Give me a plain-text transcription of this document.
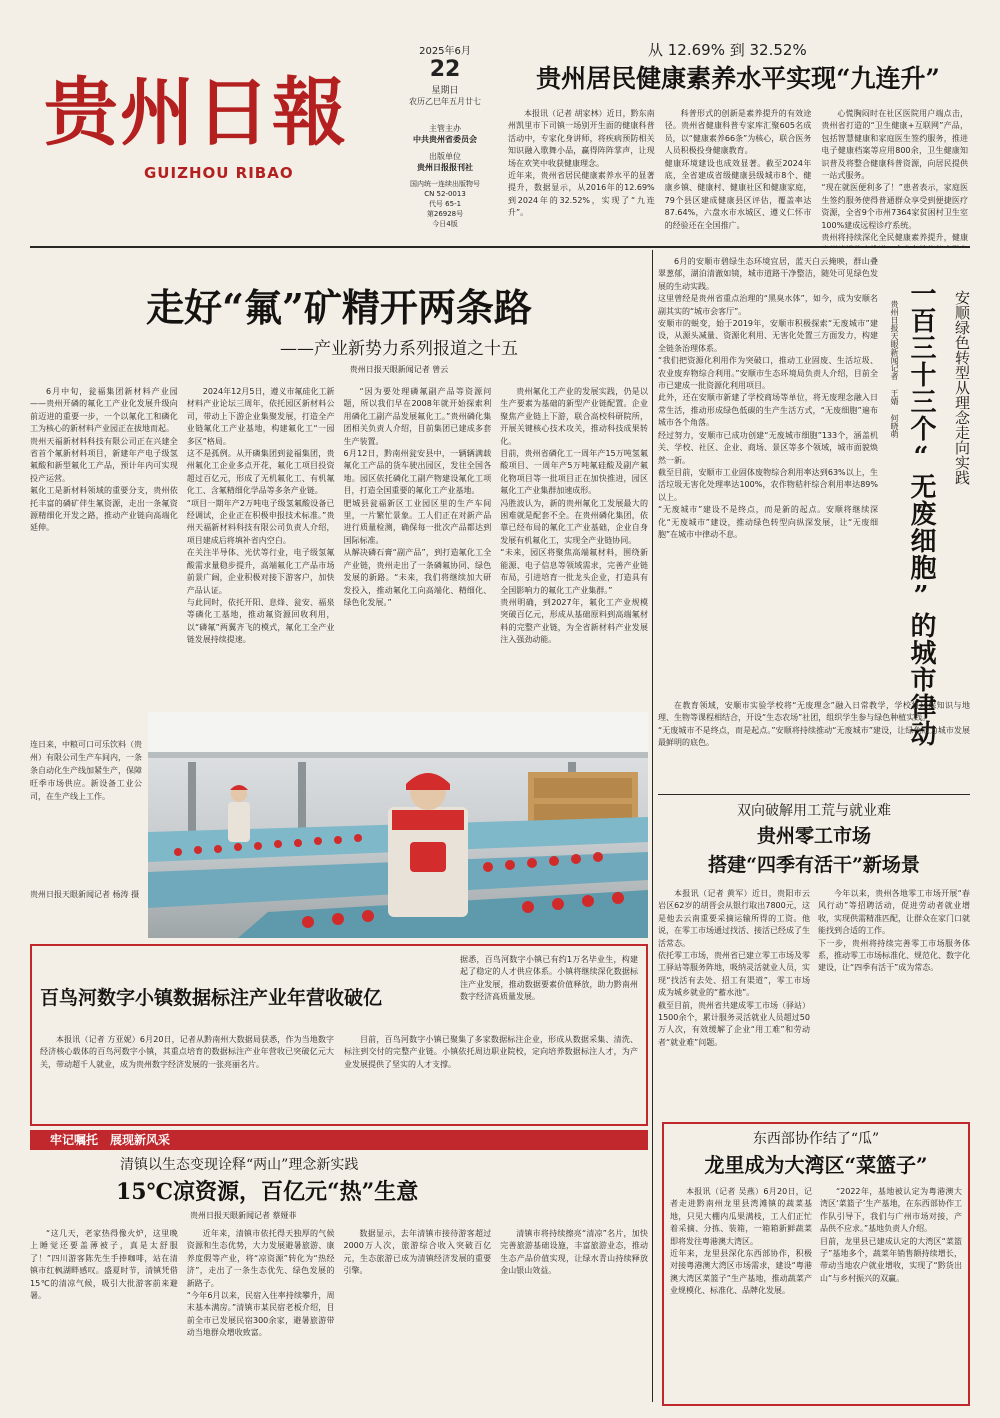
贵州日報
GUIZHOU RIBAO
2025年6月
22
星期日
农历乙巳年五月廿七
主管主办
中共贵州省委员会
出版单位
贵州日报报刊社
国内统一连续出版物号
CN 52-0013
代号 65-1
第26928号
今日4版
从 12.69% 到 32.52%
贵州居民健康素养水平实现“九连升”
本报讯（记者 胡家林）近日，黔东南州凯里市下司镇一场别开生面的健康科普活动中，专家化身讲师，将疾病预防相关知识融入歌舞小品，赢得阵阵掌声，让现场在欢笑中收获健康理念。
近年来，贵州省居民健康素养水平的显著提升，数据显示，从2016年的12.69%到2024年的32.52%，实现了“九连升”。
科普形式的创新是素养提升的有效途径。贵州省健康科普专家库汇聚605名成员，以“健康素养66条”为核心，联合医务人员积极投身健康教育。
健康环境建设也成效显著。截至2024年底，全省建成省级健康县级城市8个、健康乡镇、健康村、健康社区和健康家庭，79个县区建成健康县区评估，覆盖率达87.64%，六盘水市水城区、遵义仁怀市的经验还在全国推广。
心慌胸闷时在社区医院用户端点击，贵州省打造的“卫生健康+互联网”产品，包括智慧健康和家庭医生签约服务，推进电子健康档案等应用800余，卫生健康知识普及将整合健康科普资源，向居民提供一站式服务。
“现在就医便利多了！”患者表示，家庭医生签约服务使得普通群众享受到便捷医疗资源，全省9个市州7364家贫困村卫生室100%建成远程诊疗系统。
贵州将持续深化全民健康素养提升，健康
走好“氟”矿精开两条路
——产业新势力系列报道之十五
贵州日报天眼新闻记者 曾云
6月中旬，瓮福集团新材料产业园——贵州开磷的氟化工产业化发展升级向前迈进的重要一步，一个以氟化工和磷化工为核心的新材料产业园正在拔地而起。
贵州天福新材料科技有限公司正在兴建全省首个氟新材料项目，新建年产电子级氢氟酸和新型氟化工产品，预计年内可实现投产运营。
氟化工是新材料领域的重要分支，贵州依托丰富的磷矿伴生氟资源，走出一条氟资源精细化开发之路，推动产业链向高端化延伸。
2024年12月5日，遵义市氟硅化工新材料产业论坛三周年，依托园区新材料公司，带动上下游企业集聚发展，打造全产业链氟化工产业基地，构建氟化工“一园多区”格局。
这不是孤例。从开磷集团到瓮福集团，贵州氟化工企业多点开花，氟化工项目投资超过百亿元，形成了无机氟化工、有机氟化工、含氟精细化学品等多条产业链。
“项目一期年产2万吨电子级氢氟酸设备已经调试，企业正在积极申报技术标准。”贵州天福新材料科技有限公司负责人介绍，项目建成后将填补省内空白。
在关注半导体、光伏等行业，电子级氢氟酸需求量稳步提升，高端氟化工产品市场前景广阔，企业积极对接下游客户，加快产品认证。
与此同时，依托开阳、息烽、瓮安、福泉等磷化工基地，推动氟资源回收利用，以“磷氟”两翼齐飞的模式，氟化工全产业链发展持续提速。
“因为要处理磷氟副产品等资源问题，所以我们早在2008年就开始探索利用磷化工副产品发展氟化工。”贵州磷化集团相关负责人介绍，目前集团已建成多套生产装置。
6月12日，黔南州瓮安县中，一辆辆满载氟化工产品的货车驶出园区，发往全国各地。园区依托磷化工副产物建设氟化工项目，打造全国重要的氟化工产业基地。
肥城县瓮福新区工业园区里的生产车间里，一片繁忙景象。工人们正在对新产品进行质量检测，确保每一批次产品都达到国际标准。
从解决磷石膏“副产品”，到打造氟化工全产业链，贵州走出了一条磷氟协同、绿色发展的新路。“未来，我们将继续加大研发投入，推动氟化工向高端化、精细化、绿色化发展。”
贵州氟化工产业的发展实践，仍是以生产要素为基础的新型产业链配置。企业聚焦产业链上下游，联合高校科研院所，开展关键核心技术攻关，推动科技成果转化。
目前，贵州省磷化工一周年产15万吨氢氟酸项目、一周年产5万吨氟硅酸及副产氟化物项目等一批项目正在加快推进，园区氟化工产业集群加速成形。
冯胜波认为，新的贵州氟化工发展最大的困难就是配套不全。在贵州磷化集团，依靠已经布局的氟化工产业基础，企业自身发展有机氟化工，实现全产业链协同。
“未来，园区将聚焦高端氟材料，围绕新能源、电子信息等领域需求，完善产业链布局，引进培育一批龙头企业，打造具有全国影响力的氟化工产业集群。”
贵州明确，到2027年，氟化工产业规模突破百亿元，形成从基础原料到高端氟材料的完整产业链，为全省新材料产业发展注入强劲动能。
连日来，中粮可口可乐饮料（贵州）有限公司生产车间内，一条条自动化生产线加紧生产，保障旺季市场供应。新设备工业公司，在生产线上工作。
贵州日报天眼新闻记者 杨涛 摄
百鸟河数字小镇数据标注产业年营收破亿
据悉，百鸟河数字小镇已有约1万名毕业生，构建起了稳定的人才供应体系。小镇将继续深化数据标注产业发展，推动数据要素价值释放，助力黔南州数字经济高质量发展。
本报讯（记者 方亚妮）6月20日，记者从黔南州大数据局获悉，作为当地数字经济核心载体的百鸟河数字小镇，其重点培育的数据标注产业年营收已突破亿元大关，带动超千人就业，成为贵州数字经济发展的一张亮丽名片。
目前，百鸟河数字小镇已聚集了多家数据标注企业，形成从数据采集、清洗、标注到交付的完整产业链。小镇依托周边职业院校，定向培养数据标注人才，为产业发展提供了坚实的人才支撑。
牢记嘱托　展现新风采
清镇以生态变现诠释“两山”理念新实践
15℃凉资源，百亿元“热”生意
贵州日报天眼新闻记者 蔡娅菲
“这几天，老家热得像火炉，这里晚上睡觉还要盖薄被子，真是太舒服了！”四川游客陈先生手捧咖啡，站在清镇市红枫湖畔感叹。盛夏时节，清镇凭借15℃的清凉气候，吸引大批游客前来避暑。
近年来，清镇市依托得天独厚的气候资源和生态优势，大力发展避暑旅游、康养度假等产业，将“凉资源”转化为“热经济”，走出了一条生态优先、绿色发展的新路子。
“今年6月以来，民宿入住率持续攀升，周末基本满房。”清镇市某民宿老板介绍，目前全市已发展民宿300余家，避暑旅游带动当地群众增收致富。
数据显示，去年清镇市接待游客超过2000万人次，旅游综合收入突破百亿元，生态旅游已成为清镇经济发展的重要引擎。
清镇市将持续擦亮“清凉”名片，加快完善旅游基础设施，丰富旅游业态，推动生态产品价值实现，让绿水青山持续释放金山银山效益。
6月的安顺市碧绿生态环境宜居，蓝天白云掩映，群山叠翠葱郁，湖泊清澈如镜，城市道路干净整洁，随处可见绿色发展的生动实践。
这里曾经是贵州省重点治理的“黑臭水体”，如今，成为安顺名副其实的“城市会客厅”。
安顺市的蜕变，始于2019年，安顺市积极探索“无废城市”建设，从源头减量、资源化利用、无害化处置三方面发力，构建全链条治理体系。
“我们把资源化利用作为突破口，推动工业固废、生活垃圾、农业废弃物综合利用。”安顺市生态环境局负责人介绍，目前全市已建成一批资源化利用项目。
此外，还在安顺市新建了学校商场等单位，将无废理念融入日常生活，推动形成绿色低碳的生产生活方式，“无废细胞”遍布城市各个角落。
经过努力，安顺市已成功创建“无废城市细胞”133个，涵盖机关、学校、社区、企业、商场、景区等多个领域，城市面貌焕然一新。
截至目前，安顺市工业固体废物综合利用率达到63%以上，生活垃圾无害化处理率达100%，农作物秸秆综合利用率达89%以上。
“无废城市”建设不是终点，而是新的起点。安顺将继续深化“无废城市”建设，推动绿色转型向纵深发展，让“无废细胞”在城市中律动不息。	一百三十三个“无废细胞”的城市律动 安顺绿色转型从理念走向实践
贵州日报天眼新闻记者 王婧 何晓萌
在教育领域，安顺市实验学校将“无废理念”融入日常教学，学校将环保知识与地理、生物等课程相结合，开设“生态农场”社团，组织学生参与绿色种植实践。
“无废城市不是终点，而是起点。”安顺将持续推动“无废城市”建设，让绿色成为城市发展最鲜明的底色。
双向破解用工荒与就业难
贵州零工市场
搭建“四季有活干”新场景
本报讯（记者 黄军）近日，贵阳市云岩区62岁的胡晋会从银行取出7800元，这是他去云南重要采摘运输所得的工资。他说，在零工市场通过找活、接活已经成了生活常态。
依托零工市场，贵州省已建立零工市场及零工驿站等服务阵地，吸纳灵活就业人员，实现“找活有去处、招工有渠道”，零工市场成为城乡就业的“蓄水池”。
截至目前，贵州省共建成零工市场（驿站）1500余个，累计服务灵活就业人员超过50万人次，有效缓解了企业“用工难”和劳动者“就业难”问题。
今年以来，贵州各地零工市场开展“春风行动”等招聘活动，促进劳动者就业增收，实现供需精准匹配，让群众在家门口就能找到合适的工作。
下一步，贵州将持续完善零工市场服务体系，推动零工市场标准化、规范化、数字化建设，让“四季有活干”成为常态。
东西部协作结了“瓜”
龙里成为大湾区“菜篮子”
本报讯（记者 吴燕）6月20日，记者走进黔南州龙里县湾滩镇的蔬菜基地，只见大棚内瓜果满枝，工人们正忙着采摘、分拣、装箱，一箱箱新鲜蔬菜即将发往粤港澳大湾区。
近年来，龙里县深化东西部协作，积极对接粤港澳大湾区市场需求，建设“粤港澳大湾区菜篮子”生产基地，推动蔬菜产业规模化、标准化、品牌化发展。
“2022年，基地被认定为粤港澳大湾区‘菜篮子’生产基地，在东西部协作工作队引导下，我们与广州市场对接，产品供不应求。”基地负责人介绍。
目前，龙里县已建成认定的大湾区“菜篮子”基地多个，蔬菜年销售额持续增长，带动当地农户就业增收，实现了“黔货出山”与乡村振兴的双赢。
